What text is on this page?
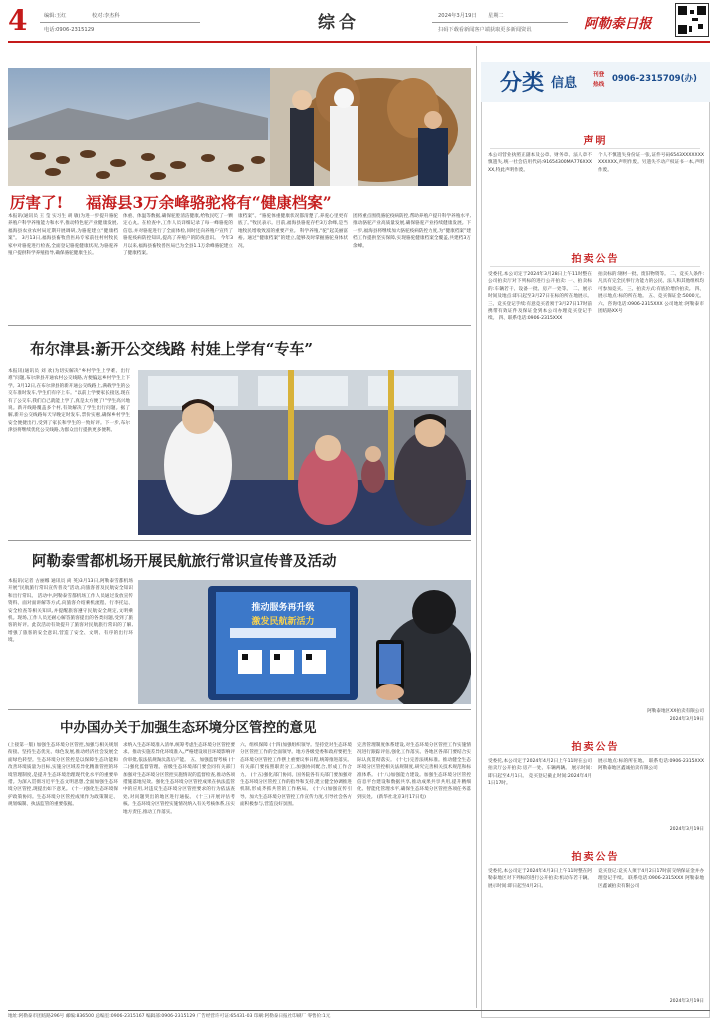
4	编辑:玉红	校对:李杰科
电话:0906-2315129	综合	2024年3月19日 星期二
扫码下载看新闻客户端获取更多新闻资讯	阿勒泰日报
厉害了! 福海县3万余峰骆驼将有“健康档案”
本报讯(通讯员 王 莹 实习生 胡 敏)为进一步提升骆驼养殖户科学养殖能力和水平,推动特色驼产业健康发展,福海县农业农村局近期开展调研,为骆驼建立“健康档案”。 3月13日,福海县畜牧兽医局专家前往村村牧民家中对骆驼进行检查,全面登记骆驼健康状况,为骆驼养殖户提供科学养殖指导,确保骆驼健康生长。
体重、体温等数据,确保驼腔清洁健康,给牧民吃了一颗定心丸。在检查中,工作人员详细记录了每一峰骆驼的信息,并对骆驼进行了全面体检,同时还向养殖户宣传了骆驼疫病防控知识,提高了养殖户的防疫意识。 今年3月以来,福海县畜牧兽医局已为全县1.1万余峰骆驼建立了健康档案。
康档案”。“骆驼体重健康状况都清楚了,养驼心里更有底了。”牧民表示。目前,福海县骆驼存栏3万余峰,是当地牧民增收致富的重要产业。 科学养殖,“驼”起美丽富裕。通过“健康档案”的建立,能够及时掌握骆驼身体状况。
团将重点围绕骆驼疫病防控,帮助养殖户提升科学养殖水平,推动骆驼产业高质量发展,确保骆驼产业持续健康发展。下一步,福海县将继续加大骆驼疫病防控力度,为“健康档案”建档工作提供坚实保障,实现骆驼健康档案全覆盖,共建档3万余峰。
布尔津县:新开公交线路 村娃上学有“专车”
本报讯(通讯员 刘 欢)为切实解决“乡村学生上学难、出行难”问题,布尔津县开通农村公交线路,方便偏远乡村学生上下学。3月12日,在布尔津县的新开通公交线路上,满载学生的公交车准时发车,学生们有序上车。“以前上学要家长接送,现在有了公交车,我们自己就能上学了,真是太方便了!”学生高兴地说。新开线路覆盖多个村,有效解决了学生出行问题。据了解,新开公交线路每天早晚定时发车,票价实惠,确保乡村学生安全便捷出行,受到了家长和学生的一致好评。下一步,布尔津县将继续优化公交线路,为群众出行提供更多便利。
阿勒泰雪都机场开展民航旅行常识宣传普及活动
本报讯(记者 古丽娜 通讯员 尚 英)3月13日,阿勒泰雪都机场开展“民航旅行常识宣传普及”活动,向旅客普及民航安全知识和出行常识。 活动中,阿勒泰雪都机场工作人员通过发放宣传资料、面对面讲解等方式,向旅客介绍乘机流程、行李托运、安全检查等相关知识,并提醒旅客遵守民航安全规定,文明乘机。现场,工作人员还耐心解答旅客提出的各类问题,受到了旅客的好评。此次活动有效提升了旅客对民航旅行常识的了解,增强了旅客的安全意识,营造了安全、文明、有序的出行环境。
推动服务再升级
激发民航新活力
中办国办关于加强生态环境分区管控的意见
(上接第一版) 加强生态环境分区管控,加强与相关规划衔接。坚持生态优先、绿色发展,推动经济社会发展全面绿色转型。生态环境分区管控是以保障生态功能和改善环境质量为目标,实施分区域差异化精准管控的环境管理制度,是提升生态环境治理现代化水平的重要举措。为深入贯彻习近平生态文明思想,全面加强生态环境分区管控,现提出如下意见。 (十一)强化生态环境保护政策协同。生态环境分区管控成果作为政策制定、规划编制、执法监管的重要依据。
求纳入生态环境准入清单,统筹考虑生态环境分区管控要求。推动实施差异化环境准入,严格建设项目环境影响评价审批,依法依规淘汰落后产能。 五、加强监督考核 (十二)强化监督管理。省级生态环境部门要会同有关部门加强对生态环境分区管控实施情况的监督检查,推动各项措施落地见效。强化生态环境分区管控成果在执法监管中的应用,对违反生态环境分区管控要求的行为依法查处,对问题突出的地区进行通报。 (十三)开展评估考核。生态环境分区管控实施情况纳入有关考核体系,压实地方责任,推动工作落实。
六、组织保障 (十四)加强组织领导。坚持党对生态环境分区管控工作的全面领导。地方各级党委和政府要把生态环境分区管控工作摆上重要议事日程,统筹推进落实。有关部门要按照职责分工,加强协同配合,形成工作合力。 (十五)强化部门协同。国务院各有关部门要加强对生态环境分区管控工作的指导和支持,建立健全协调推进机制,形成齐抓共管的工作格局。 (十六)加强宣传引导。加大生态环境分区管控工作宣传力度,引导社会各方面积极参与,营造良好氛围。
完善管理制度体系建设,对生态环境分区管控工作实施情况进行跟踪评估,强化工作落实。各地区各部门要结合实际认真贯彻落实。 (十七)完善法规标准。推动健全生态环境分区管控相关法规制度,研究完善相关技术规范和标准体系。 (十八)加强能力建设。加强生态环境分区管控信息平台建设和数据共享,推动成果共享共用,提升精细化、智能化管理水平,确保生态环境分区管控各项任务落到实处。 (新华社北京3月17日电)
分类 信息
刊登
热线
0906-2315709(办)
声明
本公司营业执照正副本及公章、财务章、法人章不慎遗失,统一社会信用代码:91654300MA776XXXXX,特此声明作废。
个人不慎遗失身份证一张,证件号码6543XXXXXXXXXXXXX,声明作废。另遗失不动产权证书一本,声明作废。
拍卖公告
受委托,本公司定于2024年3月28日上午11时整在公司拍卖厅对下列标的进行公开拍卖: 一、拍卖标的:车辆若干、设备一批、房产一处等。 二、展示时间及地点:即日起至3月27日在标的所在地展示。 三、竞买登记手续:有意竞买者须于3月27日17时前携带有效证件及保证金到本公司办理竞买登记手续。 四、联系电话:0906-2315XXX
拍卖标的:钢材一批、废旧物资等。 二、竞买人条件:凡具有完全民事行为能力的公民、法人和其他组织均可参加竞买。 三、拍卖方式:有底价增价拍卖。 四、展示地点:标的所在地。 五、竞买保证金:5000元。 六、咨询电话:0906-2315XXX 公司地址:阿勒泰市团结路XX号
阿勒泰地区XX拍卖有限公司
2024年3月19日
拍卖公告
受委托,本公司定于2024年4月2日上午11时在公司拍卖厅公开拍卖:房产一处、车辆两辆。 展示时间:即日起至4月1日。 竞买登记截止时间:2024年4月1日17时。
展示地点:标的所在地。 联系电话:0906-2315XXX 阿勒泰地区鑫诚拍卖有限公司
2024年3月19日
拍卖公告
受委托,本公司定于2024年4月3日上午11时整在阿勒泰地区对下列标的进行公开拍卖:机动车若干辆。展示时间:即日起至4月2日。
竞买登记:竞买人须于4月2日17时前交纳保证金并办理登记手续。 联系电话:0906-2315XXX 阿勒泰地区鑫诚拍卖有限公司
2024年3月19日
地址:阿勒泰市团结路296号 邮编:836500 总编室:0906-2315167 编辑部:0906-2315129 广告经营许可证:65431-03 印刷:阿勒泰日报社印刷厂 零售价:1元
